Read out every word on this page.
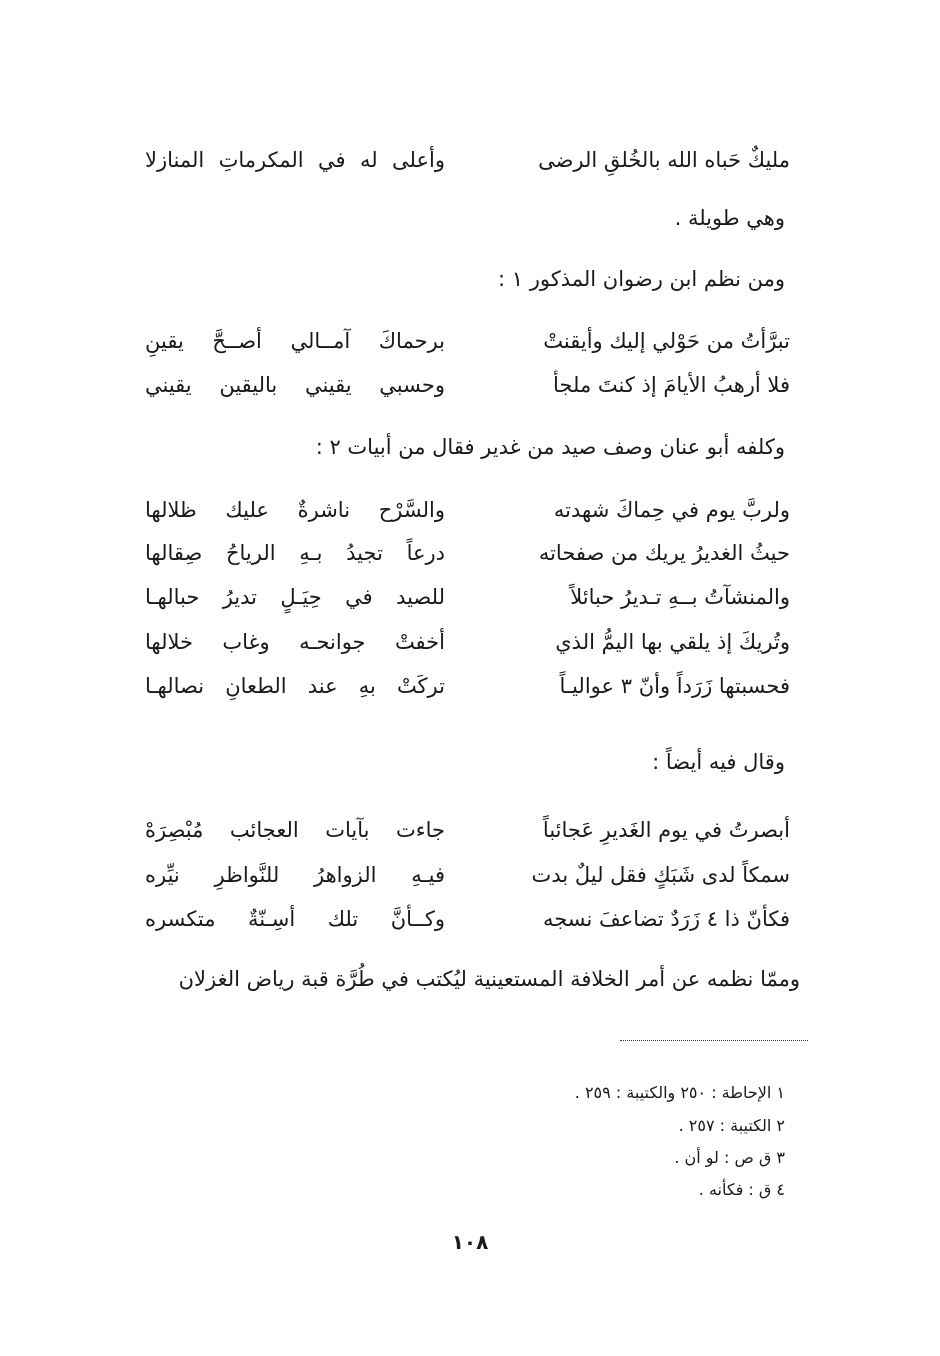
مليكٌ حَباه الله بالخُلقِ الرضى
وأعلى له في المكرماتِ المنازلا
وهي طويلة .
ومن نظم ابن رضوان المذكور ١ :
تبرَّأتُ من حَوْلي إليك وأيقنتْ
برحماكَ آمــالي أصــحَّ يقينِ
فلا أرهبُ الأيامَ إذ كنتَ ملجأ
وحسبي يقيني باليقين يقيني
وكلفه أبو عنان وصف صيد من غدير فقال من أبيات ٢ :
ولربَّ يوم في حِماكَ شهدته
والسَّرْح ناشرةٌ عليك ظلالها
حيثُ الغديرُ يريك من صفحاته
درعاً تجيدُ بـهِ الرياحُ صِقالها
والمنشآتُ بــهِ تـديرُ حبائلاً
للصيد في حِيَـلٍ تديرُ حبالهـا
وتُريكَ إذ يلقي بها اليمُّ الذي
أخفتْ جوانحـه وغاب خلالها
فحسبتها زَرَداً وأنّ ٣ عواليـاً
تركَتْ بهِ عند الطعانِ نصالهـا
وقال فيه أيضاً :
أبصرتُ في يوم الغَديرِ عَجائباً
جاءت بآيات العجائب مُبْصِرَهْ
سمكاً لدى شَبَكٍ فقل ليلٌ بدت
فيـهِ الزواهرُ للنَّواظرِ نيِّره
فكأنّ ذا ٤ زَرَدٌ تضاعفَ نسجه
وكــأنَّ تلك أسِـنّةٌ متكسره
وممّا نظمه عن أمر الخلافة المستعينية ليُكتب في طُرَّة قبة رياض الغزلان
١ الإحاطة : ٢٥٠ والكتيبة : ٢٥٩ .
٢ الكتيبة : ٢٥٧ .
٣ ق ص : لو أن .
٤ ق : فكأنه .
١٠٨
